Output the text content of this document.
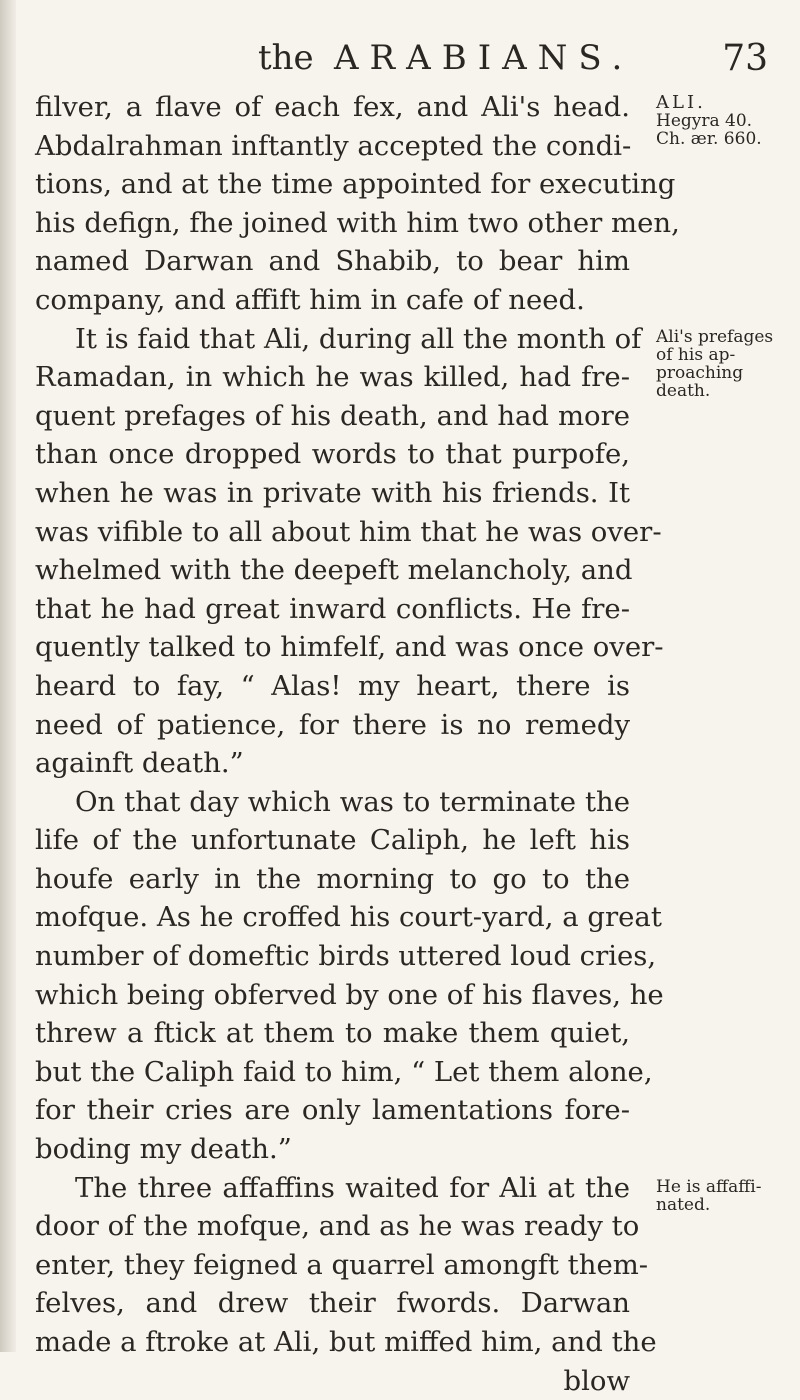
the ARABIANS. 73
filver, a flave of each fex, and Ali's head.
Abdalrahman inftantly accepted the condi-
tions, and at the time appointed for executing
his defign, fhe joined with him two other men,
named Darwan and Shabib, to bear him
company, and affift him in cafe of need.
It is faid that Ali, during all the month of
Ramadan, in which he was killed, had fre-
quent prefages of his death, and had more
than once dropped words to that purpofe,
when he was in private with his friends. It
was vifible to all about him that he was over-
whelmed with the deepeft melancholy, and
that he had great inward conflicts. He fre-
quently talked to himfelf, and was once over-
heard to fay, “ Alas! my heart, there is
need of patience, for there is no remedy
againft death.”
On that day which was to terminate the
life of the unfortunate Caliph, he left his
houfe early in the morning to go to the
mofque. As he croffed his court-yard, a great
number of domeftic birds uttered loud cries,
which being obferved by one of his flaves, he
threw a ftick at them to make them quiet,
but the Caliph faid to him, “ Let them alone,
for their cries are only lamentations fore-
boding my death.”
The three affaffins waited for Ali at the
door of the mofque, and as he was ready to
enter, they feigned a quarrel amongft them-
felves, and drew their fwords. Darwan
made a ftroke at Ali, but miffed him, and the
blow
ALI.
Hegyra 40.
Ch. ær. 660.
Ali's prefages
of his ap-
proaching
death.
He is affaffi-
nated.
